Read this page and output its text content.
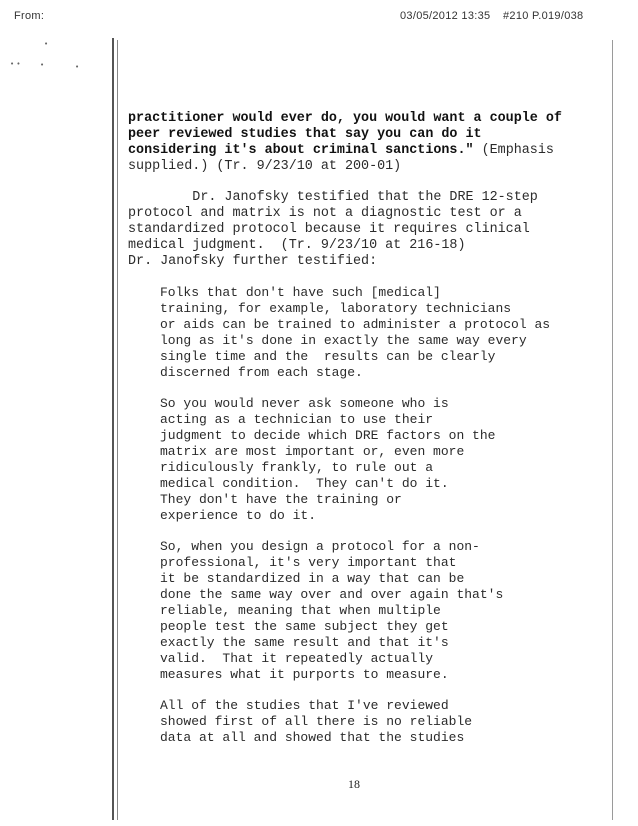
From:	03/05/2012 13:35 #210 P.019/038
•
• •	•	•
practitioner would ever do, you would want a couple of
peer reviewed studies that say you can do it
considering it's about criminal sanctions." (Emphasis
supplied.) (Tr. 9/23/10 at 200-01)
Dr. Janofsky testified that the DRE 12-step
protocol and matrix is not a diagnostic test or a
standardized protocol because it requires clinical
medical judgment.  (Tr. 9/23/10 at 216-18)
Dr. Janofsky further testified:
Folks that don't have such [medical]
training, for example, laboratory technicians
or aids can be trained to administer a protocol as
long as it's done in exactly the same way every
single time and the  results can be clearly
discerned from each stage.
So you would never ask someone who is
acting as a technician to use their
judgment to decide which DRE factors on the
matrix are most important or, even more
ridiculously frankly, to rule out a
medical condition.  They can't do it.
They don't have the training or
experience to do it.
So, when you design a protocol for a non-
professional, it's very important that
it be standardized in a way that can be
done the same way over and over again that's
reliable, meaning that when multiple
people test the same subject they get
exactly the same result and that it's
valid.  That it repeatedly actually
measures what it purports to measure.
All of the studies that I've reviewed
showed first of all there is no reliable
data at all and showed that the studies
18
